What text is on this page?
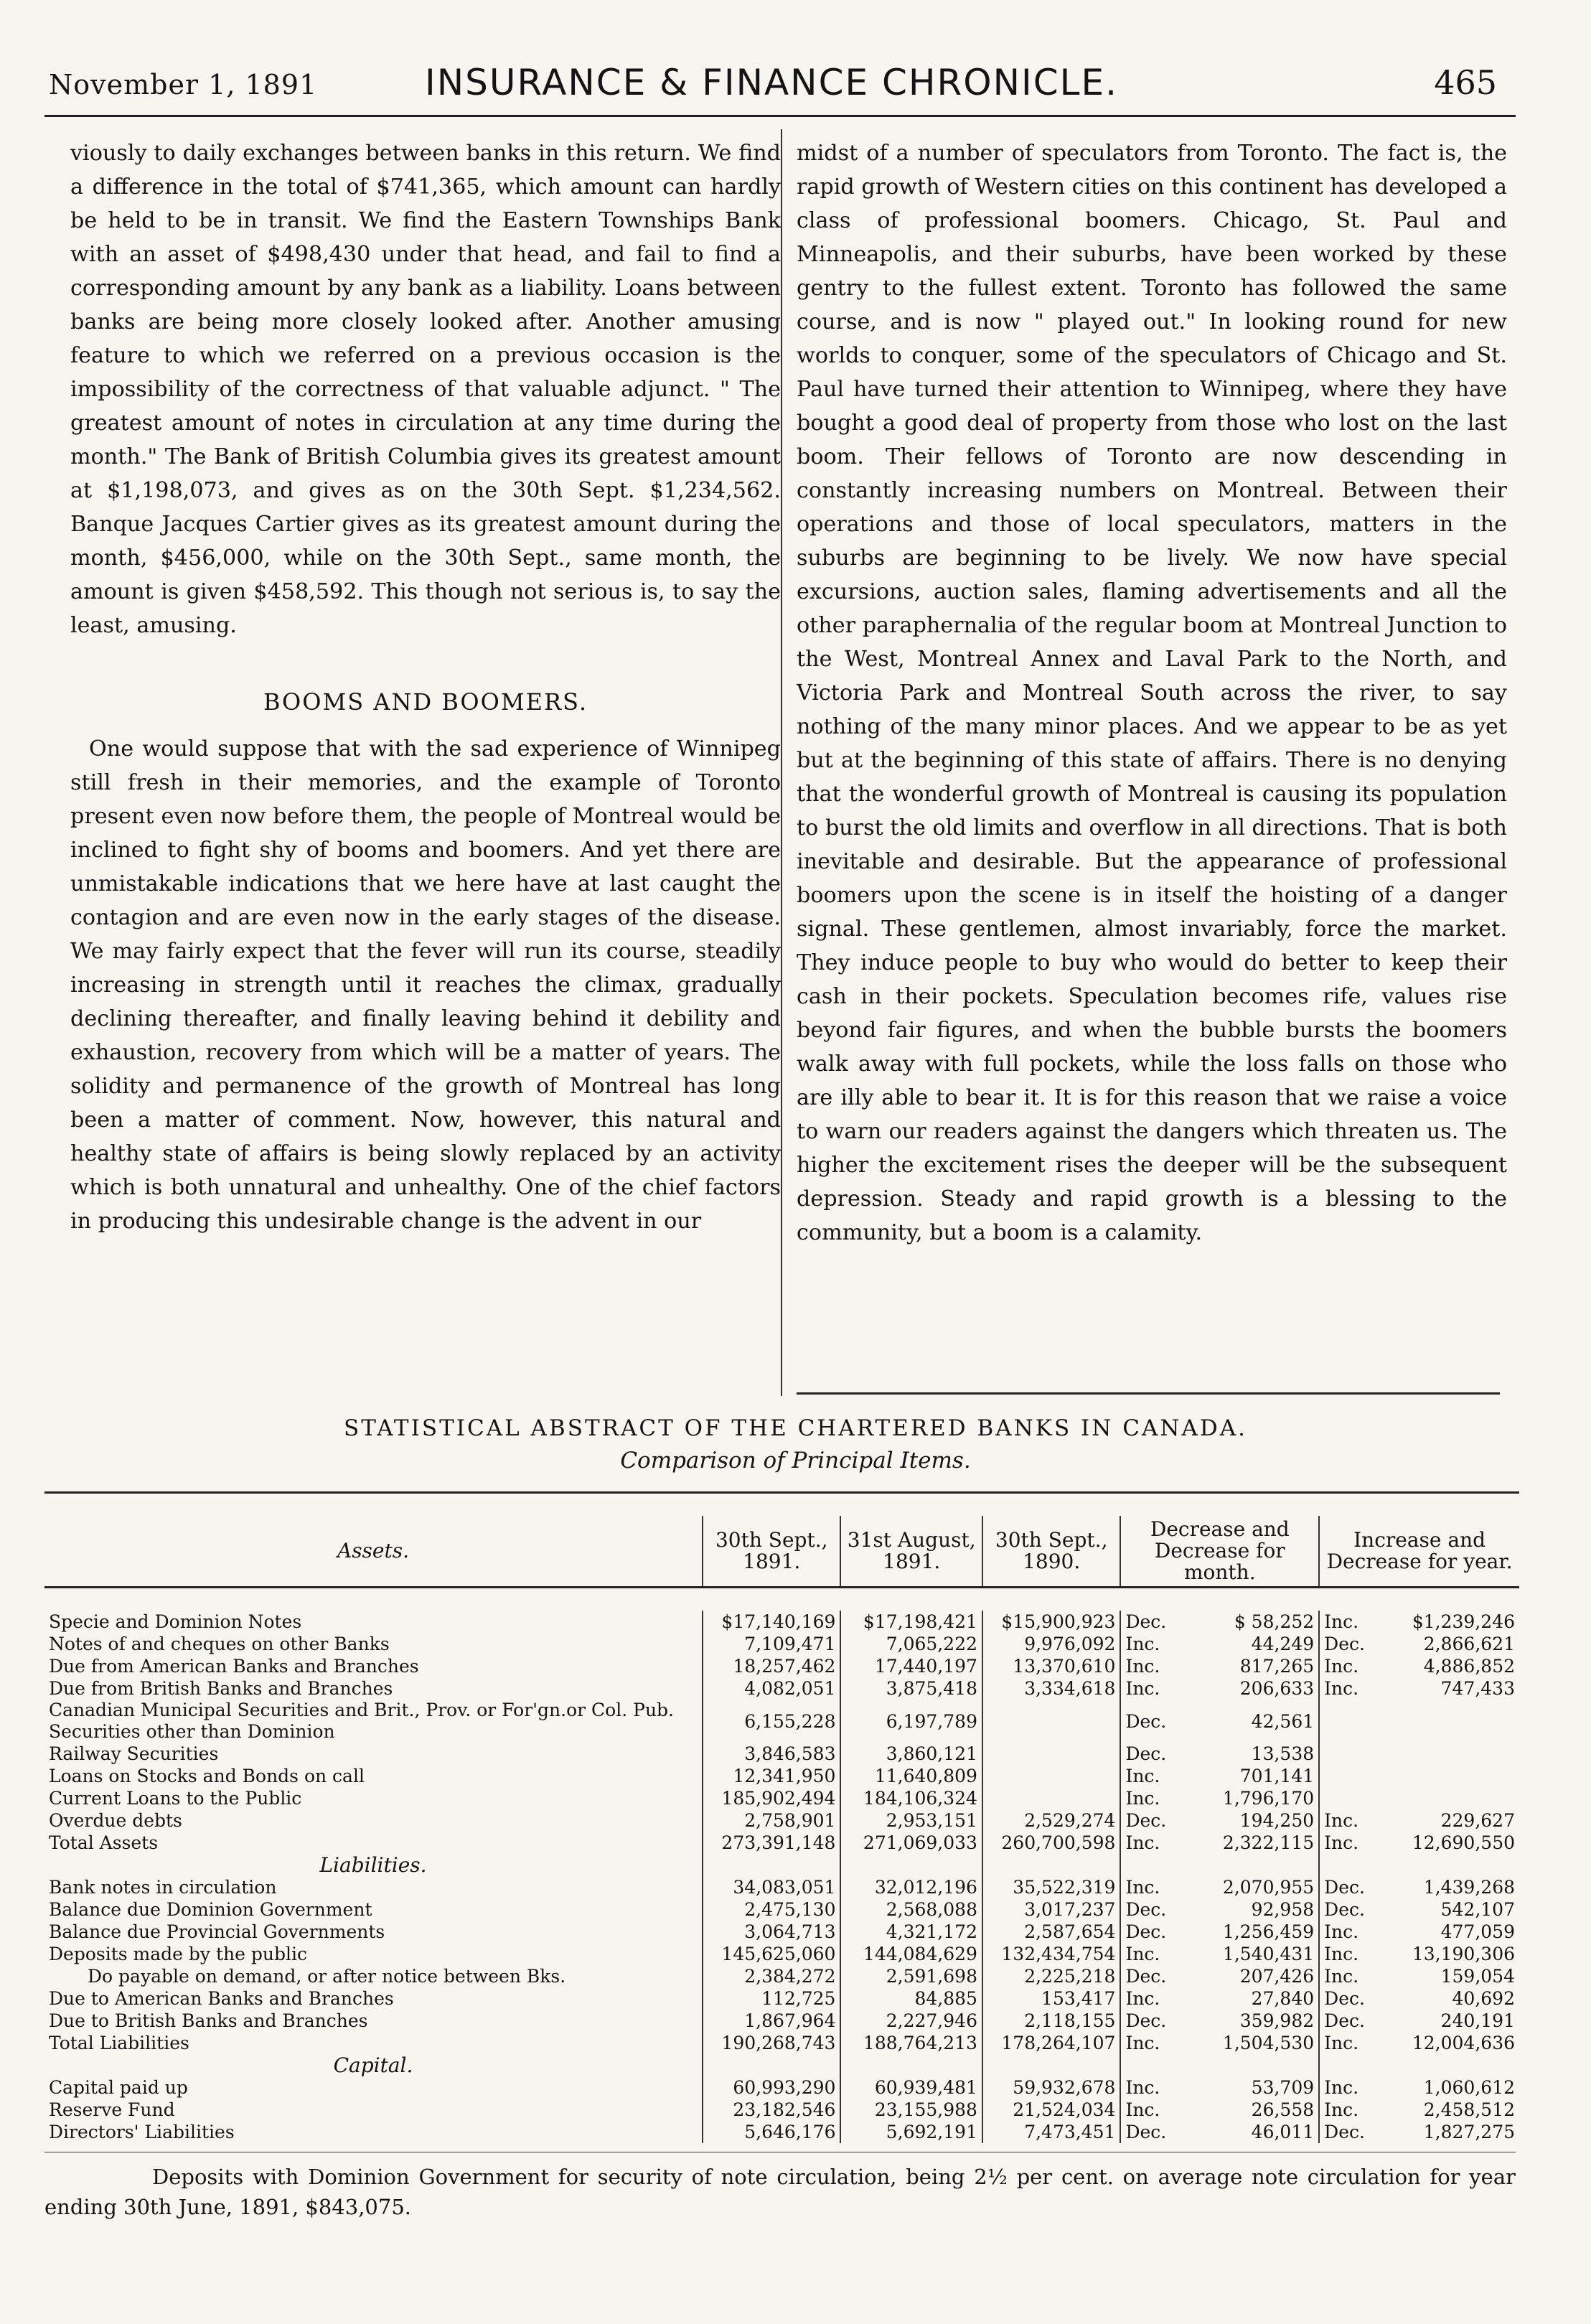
November 1, 1891	INSURANCE & FINANCE CHRONICLE.	465

viously to daily exchanges between banks in this return. We find a difference in the total of $741,365, which amount can hardly be held to be in transit. We find the Eastern Townships Bank with an asset of $498,430 under that head, and fail to find a corresponding amount by any bank as a liability. Loans between banks are being more closely looked after. Another amusing feature to which we referred on a previous occasion is the impossibility of the correctness of that valuable adjunct. " The greatest amount of notes in circulation at any time during the month." The Bank of British Columbia gives its greatest amount at $1,198,073, and gives as on the 30th Sept. $1,234,562. Banque Jacques Cartier gives as its greatest amount during the month, $456,000, while on the 30th Sept., same month, the amount is given $458,592. This though not serious is, to say the least, amusing.

BOOMS AND BOOMERS.

One would suppose that with the sad experience of Winnipeg still fresh in their memories, and the example of Toronto present even now before them, the people of Montreal would be inclined to fight shy of booms and boomers. And yet there are unmistakable indications that we here have at last caught the contagion and are even now in the early stages of the disease. We may fairly expect that the fever will run its course, steadily increasing in strength until it reaches the climax, gradually declining thereafter, and finally leaving behind it debility and exhaustion, recovery from which will be a matter of years. The solidity and permanence of the growth of Montreal has long been a matter of comment. Now, however, this natural and healthy state of affairs is being slowly replaced by an activity which is both unnatural and unhealthy. One of the chief factors in producing this undesirable change is the advent in our

midst of a number of speculators from Toronto. The fact is, the rapid growth of Western cities on this continent has developed a class of professional boomers. Chicago, St. Paul and Minneapolis, and their suburbs, have been worked by these gentry to the fullest extent. Toronto has followed the same course, and is now " played out." In looking round for new worlds to conquer, some of the speculators of Chicago and St. Paul have turned their attention to Winnipeg, where they have bought a good deal of property from those who lost on the last boom. Their fellows of Toronto are now descending in constantly increasing numbers on Montreal. Between their operations and those of local speculators, matters in the suburbs are beginning to be lively. We now have special excursions, auction sales, flaming advertisements and all the other paraphernalia of the regular boom at Montreal Junction to the West, Montreal Annex and Laval Park to the North, and Victoria Park and Montreal South across the river, to say nothing of the many minor places. And we appear to be as yet but at the beginning of this state of affairs. There is no denying that the wonderful growth of Montreal is causing its population to burst the old limits and overflow in all directions. That is both inevitable and desirable. But the appearance of professional boomers upon the scene is in itself the hoisting of a danger signal. These gentlemen, almost invariably, force the market. They induce people to buy who would do better to keep their cash in their pockets. Speculation becomes rife, values rise beyond fair figures, and when the bubble bursts the boomers walk away with full pockets, while the loss falls on those who are illy able to bear it. It is for this reason that we raise a voice to warn our readers against the dangers which threaten us. The higher the excitement rises the deeper will be the subsequent depression. Steady and rapid growth is a blessing to the community, but a boom is a calamity.

STATISTICAL ABSTRACT OF THE CHARTERED BANKS IN CANADA.
Comparison of Principal Items.

Assets.	30th Sept., 1891.	31st August, 1891.	30th Sept., 1890.	Decrease and Decrease for month.		Increase and Decrease for year.	

Specie and Dominion Notes	$17,140,169	$17,198,421	$15,900,923	Dec.	$ 58,252	Inc.	$1,239,246
Notes of and cheques on other Banks	7,109,471	7,065,222	9,976,092	Inc.	44,249	Dec.	2,866,621
Due from American Banks and Branches	18,257,462	17,440,197	13,370,610	Inc.	817,265	Inc.	4,886,852
Due from British Banks and Branches	4,082,051	3,875,418	3,334,618	Inc.	206,633	Inc.	747,433
Canadian Municipal Securities and Brit., Prov. or For'gn.or Col. Pub. Securities other than Dominion	6,155,228	6,197,789		Dec.	42,561		
Railway Securities	3,846,583	3,860,121		Dec.	13,538		
Loans on Stocks and Bonds on call	12,341,950	11,640,809		Inc.	701,141		
Current Loans to the Public	185,902,494	184,106,324		Inc.	1,796,170		
Overdue debts	2,758,901	2,953,151	2,529,274	Dec.	194,250	Inc.	229,627
Total Assets	273,391,148	271,069,033	260,700,598	Inc.	2,322,115	Inc.	12,690,550
Liabilities.							
Bank notes in circulation	34,083,051	32,012,196	35,522,319	Inc.	2,070,955	Dec.	1,439,268
Balance due Dominion Government	2,475,130	2,568,088	3,017,237	Dec.	92,958	Dec.	542,107
Balance due Provincial Governments	3,064,713	4,321,172	2,587,654	Dec.	1,256,459	Inc.	477,059
Deposits made by the public	145,625,060	144,084,629	132,434,754	Inc.	1,540,431	Inc.	13,190,306
Do payable on demand, or after notice between Bks.	2,384,272	2,591,698	2,225,218	Dec.	207,426	Inc.	159,054
Due to American Banks and Branches	112,725	84,885	153,417	Inc.	27,840	Dec.	40,692
Due to British Banks and Branches	1,867,964	2,227,946	2,118,155	Dec.	359,982	Dec.	240,191
Total Liabilities	190,268,743	188,764,213	178,264,107	Inc.	1,504,530	Inc.	12,004,636
Capital.							
Capital paid up	60,993,290	60,939,481	59,932,678	Inc.	53,709	Inc.	1,060,612
Reserve Fund	23,182,546	23,155,988	21,524,034	Inc.	26,558	Inc.	2,458,512
Directors' Liabilities	5,646,176	5,692,191	7,473,451	Dec.	46,011	Dec.	1,827,275
Deposits with Dominion Government for security of note circulation, being 2½ per cent. on average note circulation for year ending 30th June, 1891, $843,075.
